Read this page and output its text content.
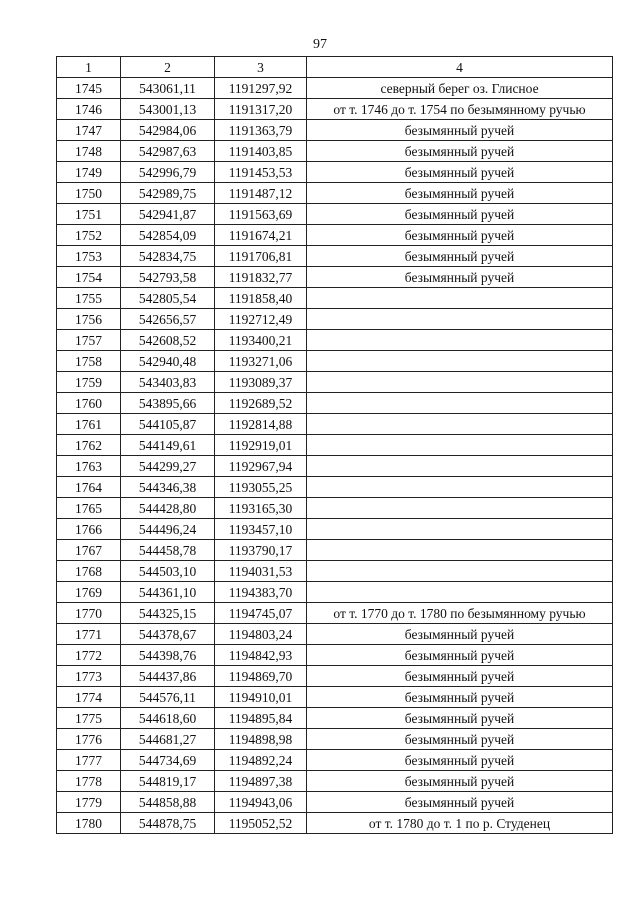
97
1	2	3	4
1745	543061,11	1191297,92	северный берег оз. Глисное
1746	543001,13	1191317,20	от т. 1746 до т. 1754 по безымянному ручью
1747	542984,06	1191363,79	безымянный ручей
1748	542987,63	1191403,85	безымянный ручей
1749	542996,79	1191453,53	безымянный ручей
1750	542989,75	1191487,12	безымянный ручей
1751	542941,87	1191563,69	безымянный ручей
1752	542854,09	1191674,21	безымянный ручей
1753	542834,75	1191706,81	безымянный ручей
1754	542793,58	1191832,77	безымянный ручей
1755	542805,54	1191858,40	
1756	542656,57	1192712,49	
1757	542608,52	1193400,21	
1758	542940,48	1193271,06	
1759	543403,83	1193089,37	
1760	543895,66	1192689,52	
1761	544105,87	1192814,88	
1762	544149,61	1192919,01	
1763	544299,27	1192967,94	
1764	544346,38	1193055,25	
1765	544428,80	1193165,30	
1766	544496,24	1193457,10	
1767	544458,78	1193790,17	
1768	544503,10	1194031,53	
1769	544361,10	1194383,70	
1770	544325,15	1194745,07	от т. 1770 до т. 1780 по безымянному ручью
1771	544378,67	1194803,24	безымянный ручей
1772	544398,76	1194842,93	безымянный ручей
1773	544437,86	1194869,70	безымянный ручей
1774	544576,11	1194910,01	безымянный ручей
1775	544618,60	1194895,84	безымянный ручей
1776	544681,27	1194898,98	безымянный ручей
1777	544734,69	1194892,24	безымянный ручей
1778	544819,17	1194897,38	безымянный ручей
1779	544858,88	1194943,06	безымянный ручей
1780	544878,75	1195052,52	от т. 1780 до т. 1 по р. Студенец
